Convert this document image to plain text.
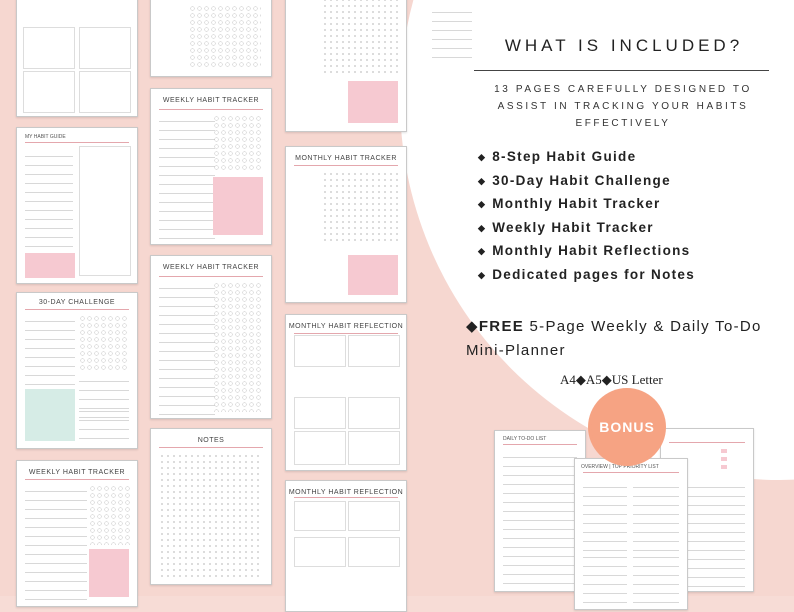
MY HABIT GUIDE
30-DAY CHALLENGE
WEEKLY HABIT TRACKER
WEEKLY HABIT TRACKER
WEEKLY HABIT TRACKER
NOTES
MONTHLY HABIT TRACKER
MONTHLY HABIT REFLECTION
MONTHLY HABIT REFLECTION
WHAT IS INCLUDED?
13 PAGES CAREFULLY DESIGNED TO ASSIST IN TRACKING YOUR HABITS EFFECTIVELY
◆ 8-Step Habit Guide
◆ 30-Day Habit Challenge
◆ Monthly Habit Tracker
◆ Weekly Habit Tracker
◆ Monthly Habit Reflections
◆ Dedicated pages for Notes
◆FREE 5-Page Weekly & Daily To-Do Mini-Planner
A4◆A5◆US Letter
DAILY TO-DO LIST
OVERVIEW | TOP PRIORITY LIST
BONUS
